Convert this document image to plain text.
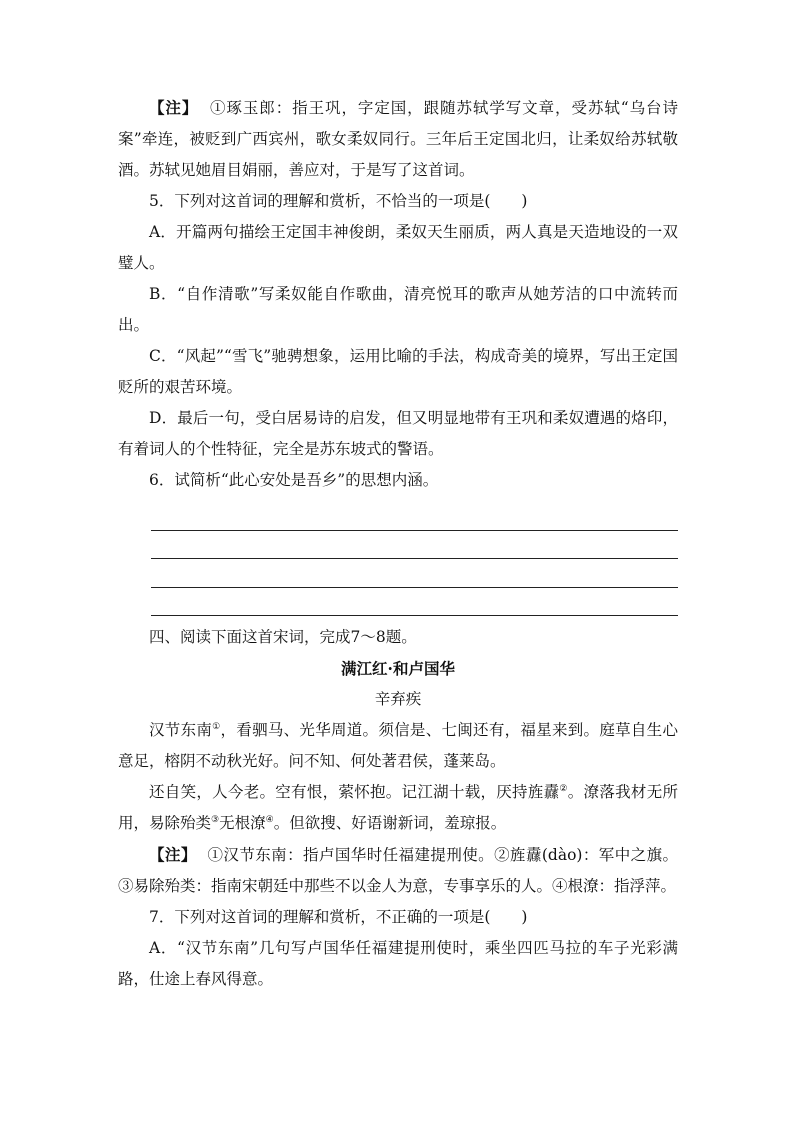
【注】 ①琢玉郎：指王巩，字定国，跟随苏轼学写文章，受苏轼“乌台诗案”牵连，被贬到广西宾州，歌女柔奴同行。三年后王定国北归，让柔奴给苏轼敬酒。苏轼见她眉目娟丽，善应对，于是写了这首词。

5．下列对这首词的理解和赏析，不恰当的一项是(　　)

A．开篇两句描绘王定国丰神俊朗，柔奴天生丽质，两人真是天造地设的一双璧人。

B．“自作清歌”写柔奴能自作歌曲，清亮悦耳的歌声从她芳洁的口中流转而出。

C．“风起”“雪飞”驰骋想象，运用比喻的手法，构成奇美的境界，写出王定国贬所的艰苦环境。

D．最后一句，受白居易诗的启发，但又明显地带有王巩和柔奴遭遇的烙印，有着词人的个性特征，完全是苏东坡式的警语。

6．试简析“此心安处是吾乡”的思想内涵。

四、阅读下面这首宋词，完成7～8题。

满江红·和卢国华

辛弃疾

汉节东南①，看驷马、光华周道。须信是、七闽还有，福星来到。庭草自生心意足，榕阴不动秋光好。问不知、何处著君侯，蓬莱岛。

还自笑，人今老。空有恨，萦怀抱。记江湖十载，厌持旌纛②。潦落我材无所用，易除殆类③无根潦④。但欲搜、好语谢新词，羞琼报。

【注】 ①汉节东南：指卢国华时任福建提刑使。②旌纛(dào)：军中之旗。③易除殆类：指南宋朝廷中那些不以金人为意，专事享乐的人。④根潦：指浮萍。

7．下列对这首词的理解和赏析，不正确的一项是(　　)

A．“汉节东南”几句写卢国华任福建提刑使时，乘坐四匹马拉的车子光彩满路，仕途上春风得意。
